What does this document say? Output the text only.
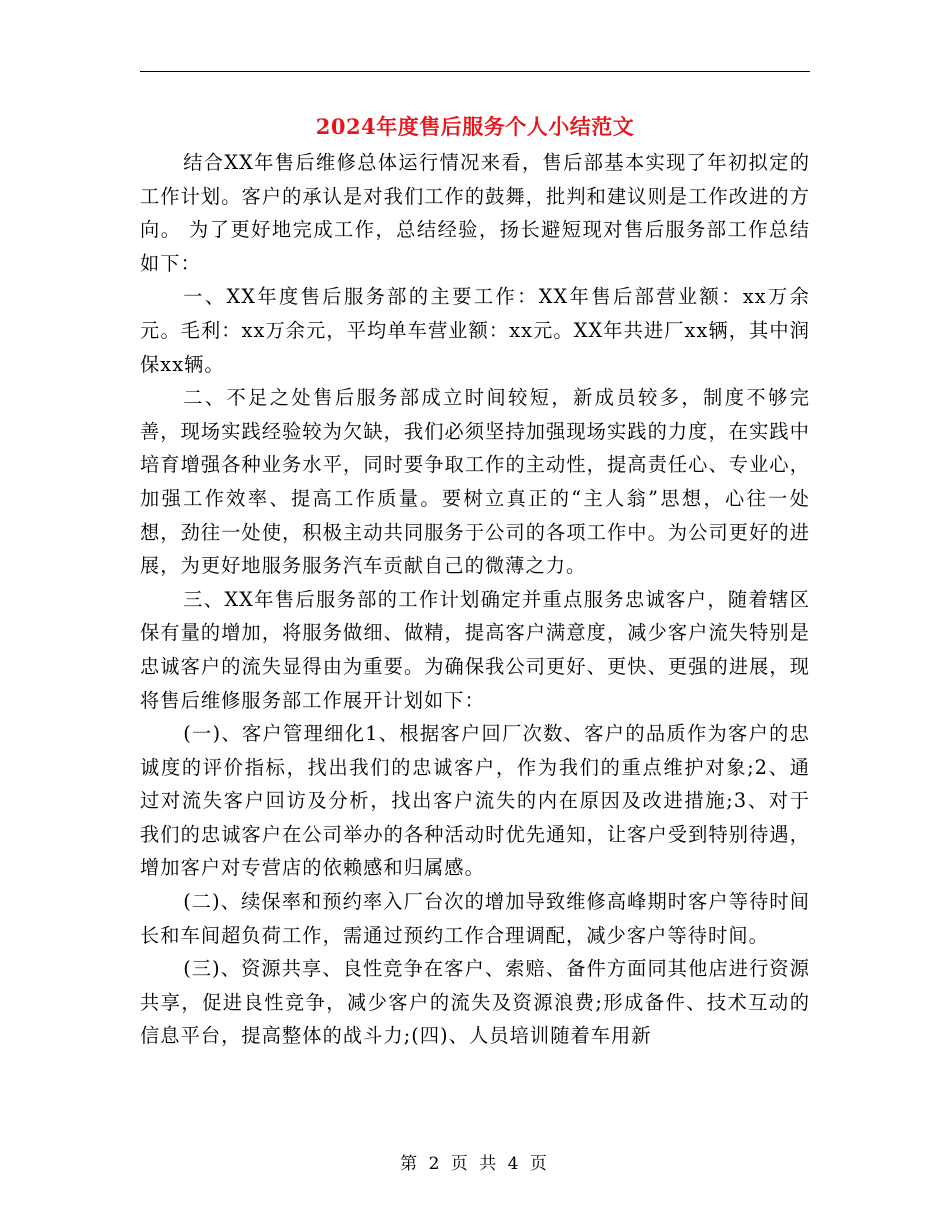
2024年度售后服务个人小结范文

结合XX年售后维修总体运行情况来看，售后部基本实现了年初拟定的工作计划。客户的承认是对我们工作的鼓舞，批判和建议则是工作改进的方向。 为了更好地完成工作，总结经验，扬长避短现对售后服务部工作总结如下：

一、XX年度售后服务部的主要工作：XX年售后部营业额：xx万余元。毛利：xx万余元，平均单车营业额：xx元。XX年共进厂xx辆，其中润保xx辆。

二、不足之处售后服务部成立时间较短，新成员较多，制度不够完善，现场实践经验较为欠缺，我们必须坚持加强现场实践的力度，在实践中培育增强各种业务水平，同时要争取工作的主动性，提高责任心、专业心，加强工作效率、提高工作质量。要树立真正的“主人翁”思想，心往一处想，劲往一处使，积极主动共同服务于公司的各项工作中。为公司更好的进展，为更好地服务服务汽车贡献自己的微薄之力。

三、XX年售后服务部的工作计划确定并重点服务忠诚客户，随着辖区保有量的增加，将服务做细、做精，提高客户满意度，减少客户流失特别是忠诚客户的流失显得由为重要。为确保我公司更好、更快、更强的进展，现将售后维修服务部工作展开计划如下：

(一)、客户管理细化1、根据客户回厂次数、客户的品质作为客户的忠诚度的评价指标，找出我们的忠诚客户，作为我们的重点维护对象;2、通过对流失客户回访及分析，找出客户流失的内在原因及改进措施;3、对于我们的忠诚客户在公司举办的各种活动时优先通知，让客户受到特别待遇，增加客户对专营店的依赖感和归属感。

(二)、续保率和预约率入厂台次的增加导致维修高峰期时客户等待时间长和车间超负荷工作，需通过预约工作合理调配，减少客户等待时间。

(三)、资源共享、良性竞争在客户、索赔、备件方面同其他店进行资源共享，促进良性竞争，减少客户的流失及资源浪费;形成备件、技术互动的信息平台，提高整体的战斗力;(四)、人员培训随着车用新

第 2 页 共 4 页
